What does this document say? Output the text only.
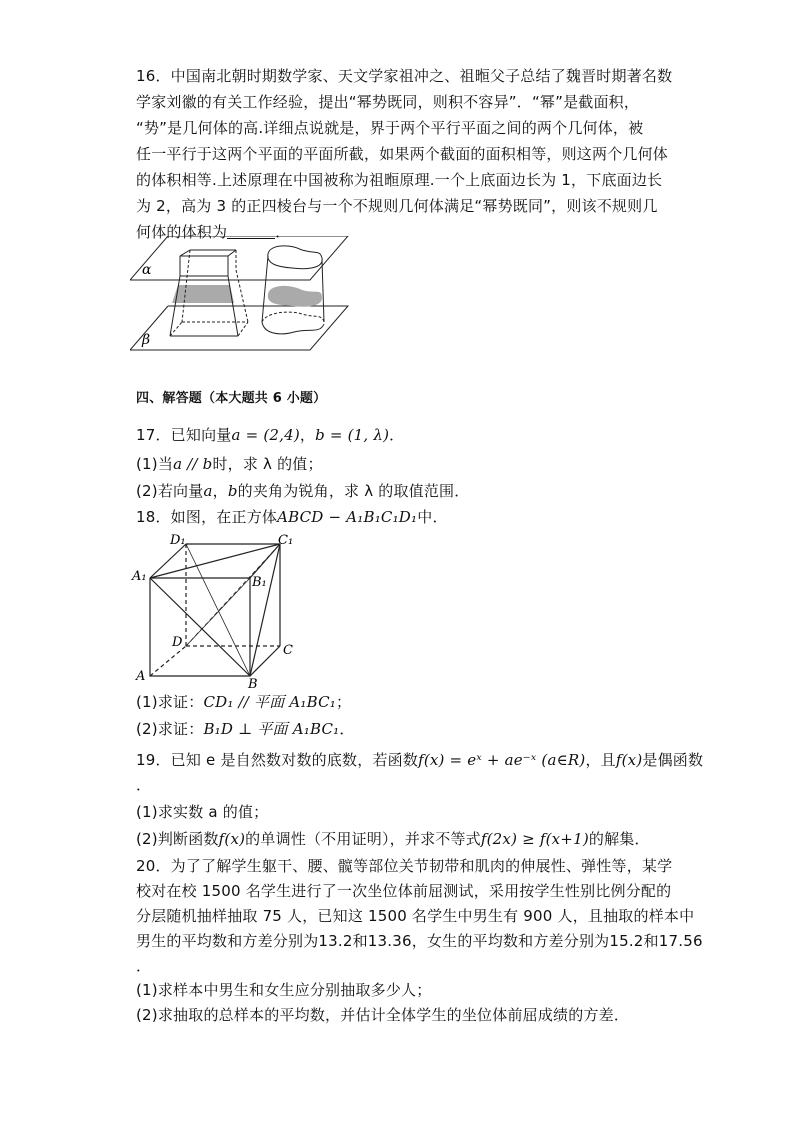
16．中国南北朝时期数学家、天文学家祖冲之、祖暅父子总结了魏晋时期著名数
学家刘徽的有关工作经验，提出“幂势既同，则积不容异”．“幂”是截面积，
“势”是几何体的高.详细点说就是，界于两个平行平面之间的两个几何体，被
任一平行于这两个平面的平面所截，如果两个截面的面积相等，则这两个几何体
的体积相等.上述原理在中国被称为祖暅原理.一个上底面边长为 1，下底面边长
为 2，高为 3 的正四棱台与一个不规则几何体满足“幂势既同”，则该不规则几
何体的体积为	．
α
β
四、解答题（本大题共 6 小题）
17．已知向量a = (2,4)，b = (1, λ)．
(1)当a // b时，求 λ 的值；
(2)若向量a，b的夹角为锐角，求 λ 的取值范围．
18．如图，在正方体ABCD − A₁B₁C₁D₁中．
D₁	C₁
A₁	B₁
D
C
A
B
(1)求证：CD₁ // 平面 A₁BC₁；
(2)求证：B₁D ⊥ 平面 A₁BC₁．
19．已知 e 是自然数对数的底数，若函数f(x) = eˣ + ae⁻ˣ (a∈R)，且f(x)是偶函数
．
(1)求实数 a 的值；
(2)判断函数f(x)的单调性（不用证明），并求不等式f(2x) ≥ f(x+1)的解集．
20．为了了解学生躯干、腰、髋等部位关节韧带和肌肉的伸展性、弹性等，某学
校对在校 1500 名学生进行了一次坐位体前屈测试，采用按学生性别比例分配的
分层随机抽样抽取 75 人，已知这 1500 名学生中男生有 900 人，且抽取的样本中
男生的平均数和方差分别为13.2和13.36，女生的平均数和方差分别为15.2和17.56
．
(1)求样本中男生和女生应分别抽取多少人；
(2)求抽取的总样本的平均数，并估计全体学生的坐位体前屈成绩的方差．
